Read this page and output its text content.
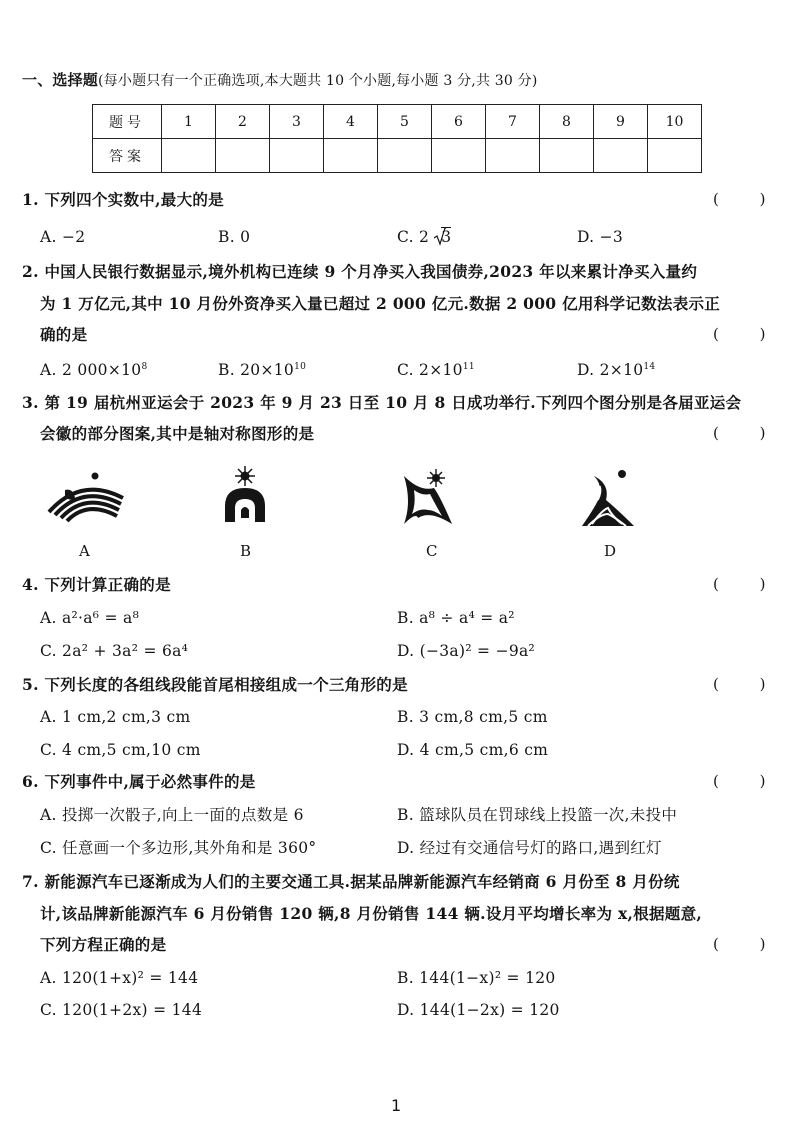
一、选择题(每小题只有一个正确选项,本大题共 10 个小题,每小题 3 分,共 30 分)
题号	1	2	3	4	5	6	7	8	9	10
答案										
1. 下列四个实数中,最大的是	( )
A. −2	B. 0	C. 2 3	D. −3
2. 中国人民银行数据显示,境外机构已连续 9 个月净买入我国债券,2023 年以来累计净买入量约
为 1 万亿元,其中 10 月份外资净买入量已超过 2 000 亿元.数据 2 000 亿用科学记数法表示正
确的是	( )
A. 2 $000\times 10^8$	B. $20\times 10^{10}$	C. $2\times 10^{11}$	D. $2\times 10^{14}$
3. 第 19 届杭州亚运会于 2023 年 9 月 23 日至 10 月 8 日成功举行.下列四个图分别是各届亚运会
会徽的部分图案,其中是轴对称图形的是	( )
A	B	C	D
4. 下列计算正确的是	( )
A. a²·a⁶ = a⁸	B. a⁸ ÷ a⁴ = a²
C. 2a² + 3a² = 6a⁴	D. (−3a)² = −9a²
5. 下列长度的各组线段能首尾相接组成一个三角形的是	( )
A. 1 cm,2 cm,3 cm	B. 3 cm,8 cm,5 cm
C. 4 cm,5 cm,10 cm	D. 4 cm,5 cm,6 cm
6. 下列事件中,属于必然事件的是	( )
A. 投掷一次骰子,向上一面的点数是 6	B. 篮球队员在罚球线上投篮一次,未投中
C. 任意画一个多边形,其外角和是 360°	D. 经过有交通信号灯的路口,遇到红灯
7. 新能源汽车已逐渐成为人们的主要交通工具.据某品牌新能源汽车经销商 6 月份至 8 月份统
计,该品牌新能源汽车 6 月份销售 120 辆,8 月份销售 144 辆.设月平均增长率为 x,根据题意,
下列方程正确的是	( )
A. 120(1+x)² = 144	B. 144(1−x)² = 120
C. 120(1+2x) = 144	D. 144(1−2x) = 120
1
